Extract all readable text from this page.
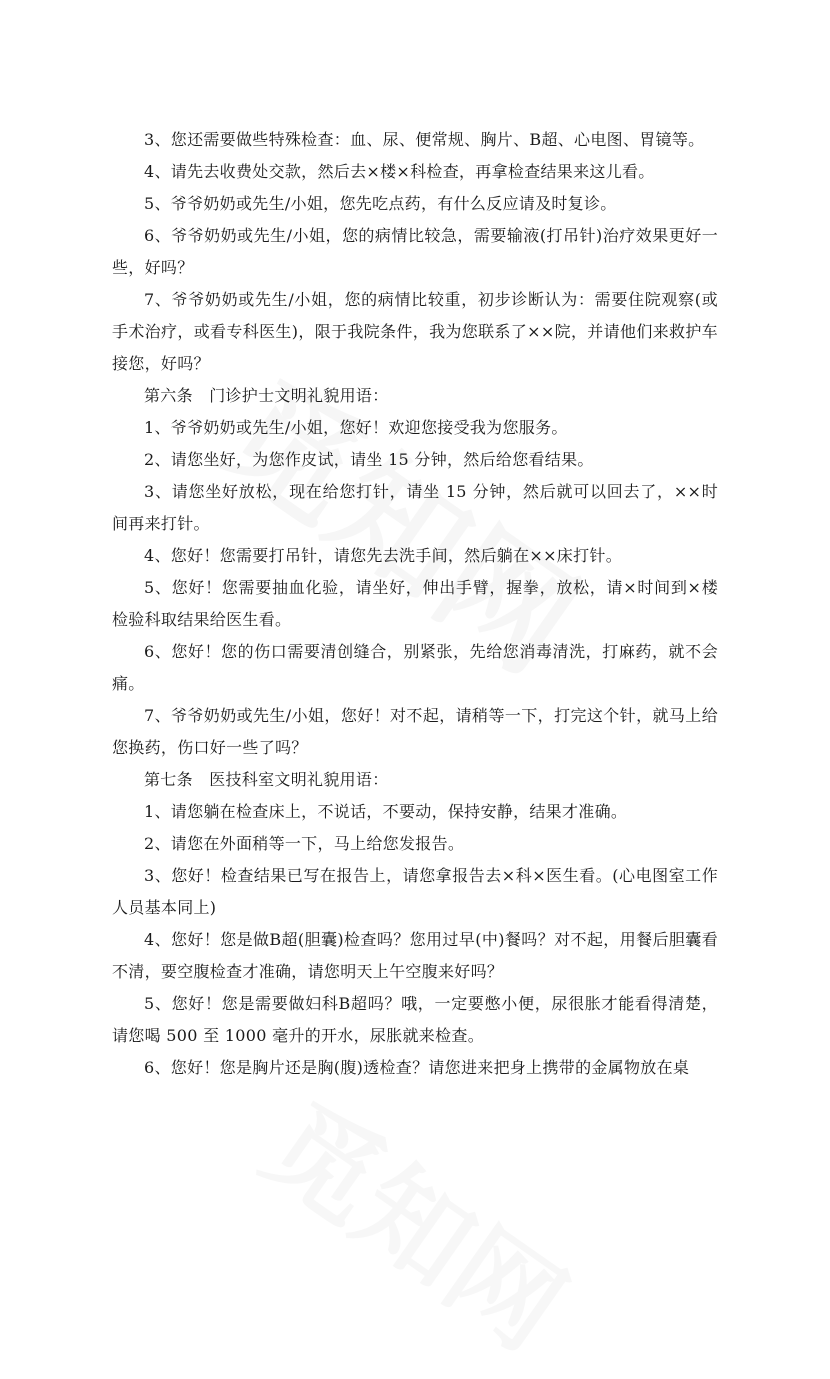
3、您还需要做些特殊检查：血、尿、便常规、胸片、B超、心电图、胃镜等。

4、请先去收费处交款，然后去×楼×科检查，再拿检查结果来这儿看。

5、爷爷奶奶或先生/小姐，您先吃点药，有什么反应请及时复诊。

6、爷爷奶奶或先生/小姐，您的病情比较急，需要输液(打吊针)治疗效果更好一些，好吗？

7、爷爷奶奶或先生/小姐，您的病情比较重，初步诊断认为：需要住院观察(或手术治疗，或看专科医生)，限于我院条件，我为您联系了××院，并请他们来救护车接您，好吗？

第六条　门诊护士文明礼貌用语：

1、爷爷奶奶或先生/小姐，您好！欢迎您接受我为您服务。

2、请您坐好，为您作皮试，请坐 15 分钟，然后给您看结果。

3、请您坐好放松，现在给您打针，请坐 15 分钟，然后就可以回去了，××时间再来打针。

4、您好！您需要打吊针，请您先去洗手间，然后躺在××床打针。

5、您好！您需要抽血化验，请坐好，伸出手臂，握拳，放松，请×时间到×楼检验科取结果给医生看。

6、您好！您的伤口需要清创缝合，别紧张，先给您消毒清洗，打麻药，就不会痛。

7、爷爷奶奶或先生/小姐，您好！对不起，请稍等一下，打完这个针，就马上给您换药，伤口好一些了吗？

第七条　医技科室文明礼貌用语：

1、请您躺在检查床上，不说话，不要动，保持安静，结果才准确。

2、请您在外面稍等一下，马上给您发报告。

3、您好！检查结果已写在报告上，请您拿报告去×科×医生看。(心电图室工作人员基本同上)

4、您好！您是做B超(胆囊)检查吗？您用过早(中)餐吗？对不起，用餐后胆囊看不清，要空腹检查才准确，请您明天上午空腹来好吗？

5、您好！您是需要做妇科B超吗？哦，一定要憋小便，尿很胀才能看得清楚，请您喝 500 至 1000 毫升的开水，尿胀就来检查。

6、您好！您是胸片还是胸(腹)透检查？请您进来把身上携带的金属物放在桌
